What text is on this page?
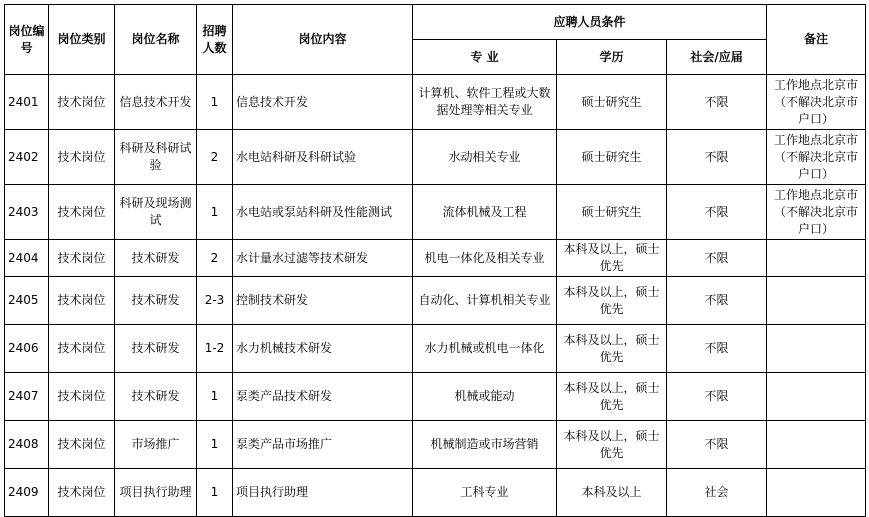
岗位编号	岗位类别	岗位名称	招聘人数	岗位内容	应聘人员条件			备注
					专 业	学历	社会/应届	
2401	技术岗位	信息技术开发	1	信息技术开发	计算机、软件工程或大数据处理等相关专业	硕士研究生	不限	工作地点北京市（不解决北京市户口）
2402	技术岗位	科研及科研试验	2	水电站科研及科研试验	水动相关专业	硕士研究生	不限	工作地点北京市（不解决北京市户口）
2403	技术岗位	科研及现场测试	1	水电站或泵站科研及性能测试	流体机械及工程	硕士研究生	不限	工作地点北京市（不解决北京市户口）
2404	技术岗位	技术研发	2	水计量水过滤等技术研发	机电一体化及相关专业	本科及以上，硕士优先	不限	
2405	技术岗位	技术研发	2-3	控制技术研发	自动化、计算机相关专业	本科及以上，硕士优先	不限	
2406	技术岗位	技术研发	1-2	水力机械技术研发	水力机械或机电一体化	本科及以上，硕士优先	不限	
2407	技术岗位	技术研发	1	泵类产品技术研发	机械或能动	本科及以上，硕士优先	不限	
2408	技术岗位	市场推广	1	泵类产品市场推广	机械制造或市场营销	本科及以上，硕士优先	不限	
2409	技术岗位	项目执行助理	1	项目执行助理	工科专业	本科及以上	社会	
